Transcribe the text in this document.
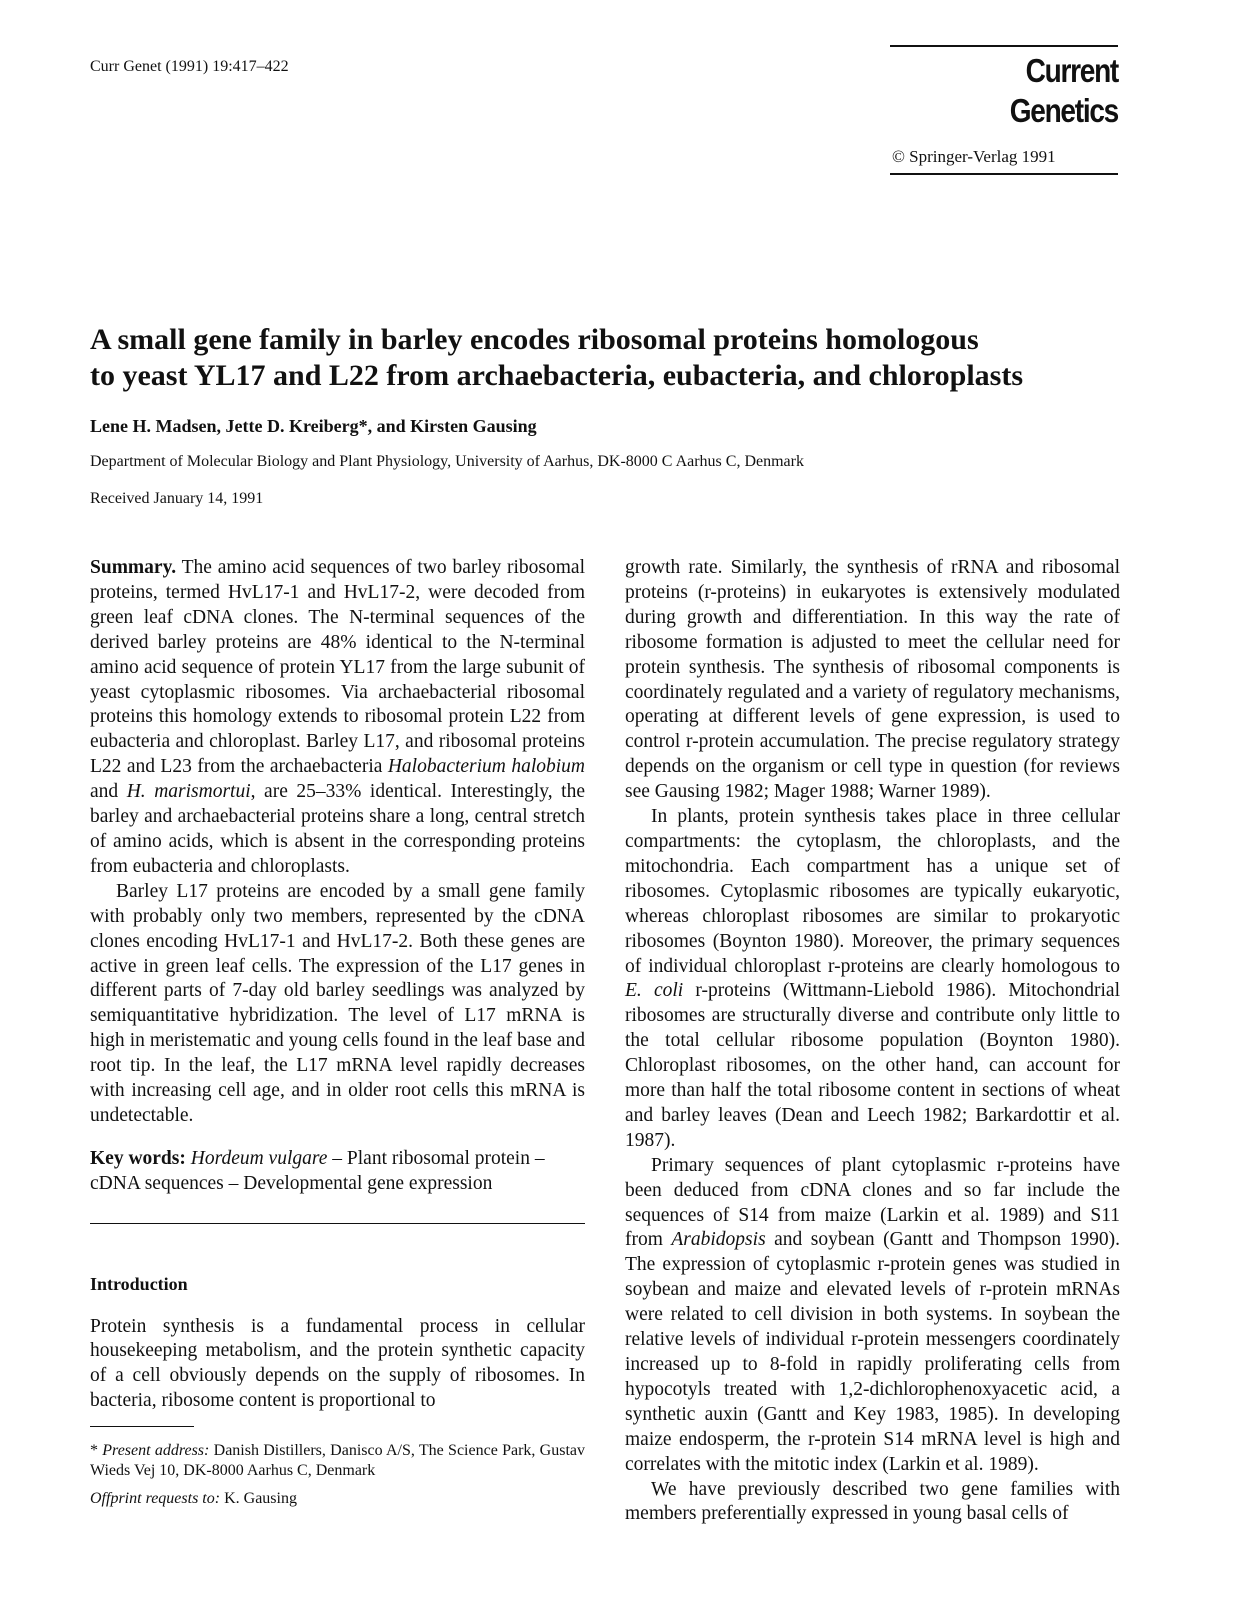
Curr Genet (1991) 19:417–422	Current Genetics
© Springer-Verlag 1991
A small gene family in barley encodes ribosomal proteins homologous
to yeast YL17 and L22 from archaebacteria, eubacteria, and chloroplasts
Lene H. Madsen, Jette D. Kreiberg*, and Kirsten Gausing
Department of Molecular Biology and Plant Physiology, University of Aarhus, DK-8000 C Aarhus C, Denmark
Received January 14, 1991

Summary. The amino acid sequences of two barley ribosomal proteins, termed HvL17-1 and HvL17-2, were decoded from green leaf cDNA clones. The N-terminal sequences of the derived barley proteins are 48% identical to the N-terminal amino acid sequence of protein YL17 from the large subunit of yeast cytoplasmic ribosomes. Via archaebacterial ribosomal proteins this homology extends to ribosomal protein L22 from eubacteria and chloroplast. Barley L17, and ribosomal proteins L22 and L23 from the archaebacteria Halobacterium halobium and H. marismortui, are 25–33% identical. Interestingly, the barley and archaebacterial proteins share a long, central stretch of amino acids, which is absent in the corresponding proteins from eubacteria and chloroplasts.

Barley L17 proteins are encoded by a small gene family with probably only two members, represented by the cDNA clones encoding HvL17-1 and HvL17-2. Both these genes are active in green leaf cells. The expression of the L17 genes in different parts of 7-day old barley seedlings was analyzed by semiquantitative hybridization. The level of L17 mRNA is high in meristematic and young cells found in the leaf base and root tip. In the leaf, the L17 mRNA level rapidly decreases with increasing cell age, and in older root cells this mRNA is undetectable.

Key words: Hordeum vulgare – Plant ribosomal protein – cDNA sequences – Developmental gene expression

Introduction

Protein synthesis is a fundamental process in cellular housekeeping metabolism, and the protein synthetic capacity of a cell obviously depends on the supply of ribosomes. In bacteria, ribosome content is proportional to

* Present address: Danish Distillers, Danisco A/S, The Science Park, Gustav Wieds Vej 10, DK-8000 Aarhus C, Denmark
Offprint requests to: K. Gausing

growth rate. Similarly, the synthesis of rRNA and ribosomal proteins (r-proteins) in eukaryotes is extensively modulated during growth and differentiation. In this way the rate of ribosome formation is adjusted to meet the cellular need for protein synthesis. The synthesis of ribosomal components is coordinately regulated and a variety of regulatory mechanisms, operating at different levels of gene expression, is used to control r-protein accumulation. The precise regulatory strategy depends on the organism or cell type in question (for reviews see Gausing 1982; Mager 1988; Warner 1989).

In plants, protein synthesis takes place in three cellular compartments: the cytoplasm, the chloroplasts, and the mitochondria. Each compartment has a unique set of ribosomes. Cytoplasmic ribosomes are typically eukaryotic, whereas chloroplast ribosomes are similar to prokaryotic ribosomes (Boynton 1980). Moreover, the primary sequences of individual chloroplast r-proteins are clearly homologous to E. coli r-proteins (Wittmann-Liebold 1986). Mitochondrial ribosomes are structurally diverse and contribute only little to the total cellular ribosome population (Boynton 1980). Chloroplast ribosomes, on the other hand, can account for more than half the total ribosome content in sections of wheat and barley leaves (Dean and Leech 1982; Barkardottir et al. 1987).

Primary sequences of plant cytoplasmic r-proteins have been deduced from cDNA clones and so far include the sequences of S14 from maize (Larkin et al. 1989) and S11 from Arabidopsis and soybean (Gantt and Thompson 1990). The expression of cytoplasmic r-protein genes was studied in soybean and maize and elevated levels of r-protein mRNAs were related to cell division in both systems. In soybean the relative levels of individual r-protein messengers coordinately increased up to 8-fold in rapidly proliferating cells from hypocotyls treated with 1,2-dichlorophenoxyacetic acid, a synthetic auxin (Gantt and Key 1983, 1985). In developing maize endosperm, the r-protein S14 mRNA level is high and correlates with the mitotic index (Larkin et al. 1989).

We have previously described two gene families with members preferentially expressed in young basal cells of
